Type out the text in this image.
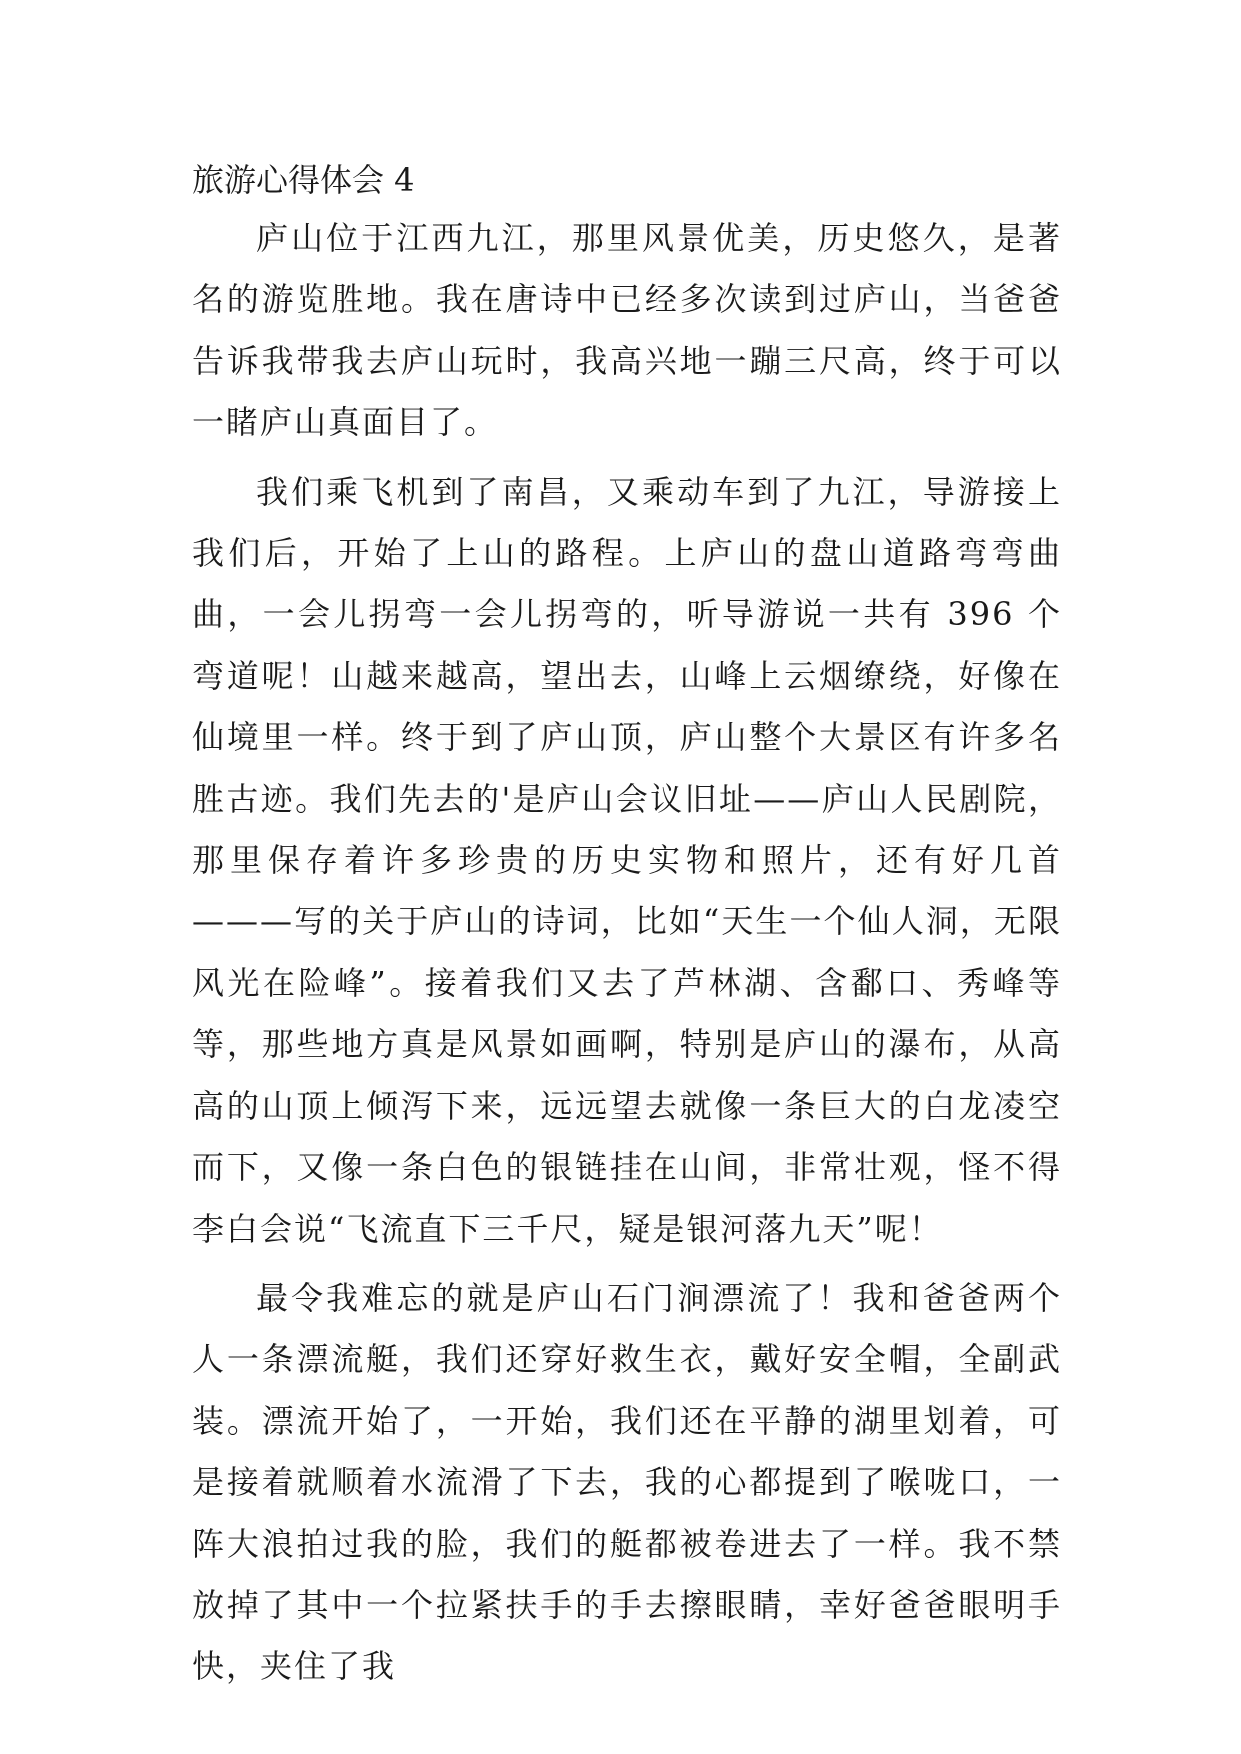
旅游心得体会 4

庐山位于江西九江，那里风景优美，历史悠久，是著名的游览胜地。我在唐诗中已经多次读到过庐山，当爸爸告诉我带我去庐山玩时，我高兴地一蹦三尺高，终于可以一睹庐山真面目了。

我们乘飞机到了南昌，又乘动车到了九江，导游接上我们后，开始了上山的路程。上庐山的盘山道路弯弯曲曲，一会儿拐弯一会儿拐弯的，听导游说一共有 396 个弯道呢！山越来越高，望出去，山峰上云烟缭绕，好像在仙境里一样。终于到了庐山顶，庐山整个大景区有许多名胜古迹。我们先去的'是庐山会议旧址——庐山人民剧院，那里保存着许多珍贵的历史实物和照片，还有好几首———写的关于庐山的诗词，比如“天生一个仙人洞，无限风光在险峰”。接着我们又去了芦林湖、含鄱口、秀峰等等，那些地方真是风景如画啊，特别是庐山的瀑布，从高高的山顶上倾泻下来，远远望去就像一条巨大的白龙凌空而下，又像一条白色的银链挂在山间，非常壮观，怪不得李白会说“飞流直下三千尺，疑是银河落九天”呢！

最令我难忘的就是庐山石门涧漂流了！我和爸爸两个人一条漂流艇，我们还穿好救生衣，戴好安全帽，全副武装。漂流开始了，一开始，我们还在平静的湖里划着，可是接着就顺着水流滑了下去，我的心都提到了喉咙口，一阵大浪拍过我的脸，我们的艇都被卷进去了一样。我不禁放掉了其中一个拉紧扶手的手去擦眼睛，幸好爸爸眼明手快，夹住了我
